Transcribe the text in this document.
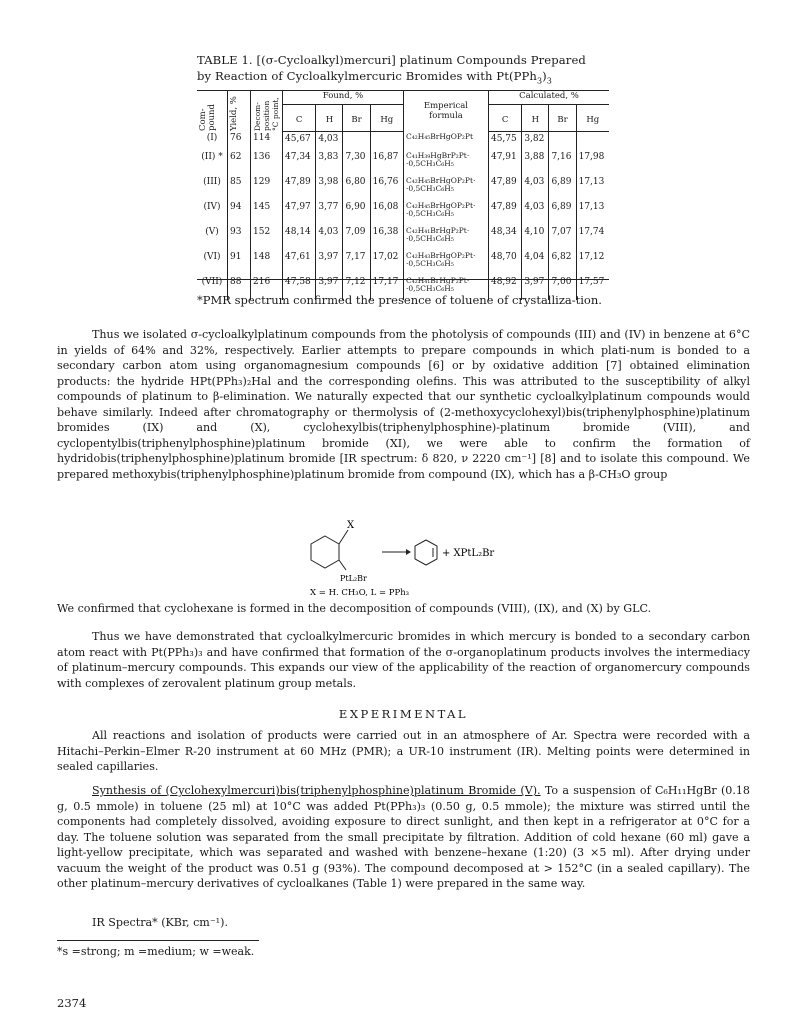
TABLE 1. [(σ-Cycloalkyl)mercuri] platinum Compounds Prepared
by Reaction of Cycloalkylmercuric Bromides with $Pt(PPh_3)_3$
Com-pound	Yield, %	Decom-position °C point,	Found, %				Emperical formula	Calculated, %			
			C	H	Br	Hg		C	H	Br	Hg
(I)	76	114	45,67	4,03			C₄₂H₄₅BrHgOP₂Pt	45,75	3,82		
(II) *	62	136	47,34	3,83	7,30	16,87	C₄₁H₃₉HgBrP₂Pt· ·0,5CH₃C₆H₅	47,91	3,88	7,16	17,98
(III)	85	129	47,89	3,98	6,80	16,76	C₄₂H₄₅BrHgOP₂Pt· ·0,5CH₃C₆H₅	47,89	4,03	6,89	17,13
(IV)	94	145	47,97	3,77	6,90	16,08	C₄₂H₄₅BrHgOP₂Pt· ·0,5CH₃C₆H₅	47,89	4,03	6,89	17,13
(V)	93	152	48,14	4,03	7,09	16,38	C₄₂H₄₁BrHgP₂Pt· ·0,5CH₃C₆H₅	48,34	4,10	7,07	17,74
(VI)	91	148	47,61	3,97	7,17	17,02	C₄₂H₄₃BrHgOP₂Pt· ·0,5CH₃C₆H₅	48,70	4,04	6,82	17,12
(VII)	88	216	47,58	3,97	7,12	17,17	C₄₂H₄₁BrHgP₂Pt· ·0,5CH₃C₆H₅	48,92	3,97	7,00	17,57
*PMR spectrum confirmed the presence of toluene of crystalliza-tion.
Thus we isolated σ-cycloalkylplatinum compounds from the photolysis of compounds (III) and (IV) in benzene at 6°C in yields of 64% and 32%, respectively. Earlier attempts to prepare compounds in which plati-num is bonded to a secondary carbon atom using organomagnesium compounds [6] or by oxidative addition [7] obtained elimination products: the hydride HPt(PPh₃)₂Hal and the corresponding olefins. This was attributed to the susceptibility of alkyl compounds of platinum to β-elimination. We naturally expected that our synthetic cycloalkylplatinum compounds would behave similarly. Indeed after chromatography or thermolysis of (2-methoxycyclohexyl)bis(triphenylphosphine)platinum bromides (IX) and (X), cyclohexylbis(triphenylphosphine)-platinum bromide (VIII), and cyclopentylbis(triphenylphosphine)platinum bromide (XI), we were able to confirm the formation of hydridobis(triphenylphosphine)platinum bromide [IR spectrum: δ 820, ν 2220 cm⁻¹] [8] and to isolate this compound. We prepared methoxybis(triphenylphosphine)platinum bromide from compound (IX), which has a β-CH₃O group
X
PtL₂Br
+ XPtL₂Br
X = H. CH₃O, L = PPh₃
We confirmed that cyclohexane is formed in the decomposition of compounds (VIII), (IX), and (X) by GLC.
Thus we have demonstrated that cycloalkylmercuric bromides in which mercury is bonded to a secondary carbon atom react with Pt(PPh₃)₃ and have confirmed that formation of the σ-organoplatinum products involves the intermediacy of platinum–mercury compounds. This expands our view of the applicability of the reaction of organomercury compounds with complexes of zerovalent platinum group metals.
EXPERIMENTAL
All reactions and isolation of products were carried out in an atmosphere of Ar. Spectra were recorded with a Hitachi–Perkin–Elmer R-20 instrument at 60 MHz (PMR); a UR-10 instrument (IR). Melting points were determined in sealed capillaries.
Synthesis of (Cyclohexylmercuri)bis(triphenylphosphine)platinum Bromide (V). To a suspension of C₆H₁₁HgBr (0.18 g, 0.5 mmole) in toluene (25 ml) at 10°C was added Pt(PPh₃)₃ (0.50 g, 0.5 mmole); the mixture was stirred until the components had completely dissolved, avoiding exposure to direct sunlight, and then kept in a refrigerator at 0°C for a day. The toluene solution was separated from the small precipitate by filtration. Addition of cold hexane (60 ml) gave a light-yellow precipitate, which was separated and washed with benzene–hexane (1:20) (3 ×5 ml). After drying under vacuum the weight of the product was 0.51 g (93%). The compound decomposed at > 152°C (in a sealed capillary). The other platinum–mercury derivatives of cycloalkanes (Table 1) were prepared in the same way.
IR Spectra* (KBr, cm⁻¹).
*s =strong; m =medium; w =weak.
2374
